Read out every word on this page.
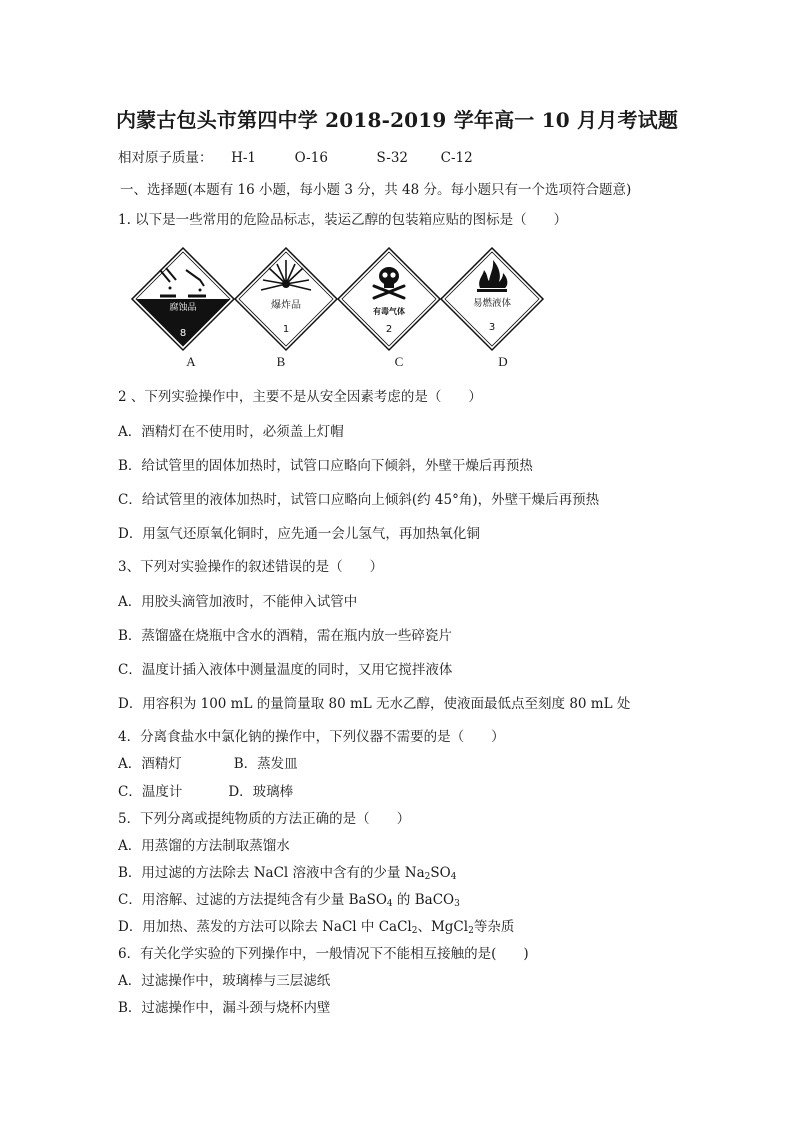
内蒙古包头市第四中学 2018-2019 学年高一 10 月月考试题
相对原子质量： H-1	O-16	S-32 C-12
一、选择题(本题有 16 小题，每小题 3 分，共 48 分。每小题只有一个选项符合题意)
1. 以下是一些常用的危险品标志，装运乙醇的包装箱应贴的图标是（　　）
腐蚀品
8
爆炸品
1
有毒气体
2
易燃液体
3
A	B	C	D
2 、下列实验操作中，主要不是从安全因素考虑的是（　　）
A．酒精灯在不使用时，必须盖上灯帽
B．给试管里的固体加热时，试管口应略向下倾斜，外壁干燥后再预热
C．给试管里的液体加热时，试管口应略向上倾斜(约 45°角)，外壁干燥后再预热
D．用氢气还原氧化铜时，应先通一会儿氢气，再加热氧化铜
3、下列对实验操作的叙述错误的是（　　）
A．用胶头滴管加液时，不能伸入试管中
B．蒸馏盛在烧瓶中含水的酒精，需在瓶内放一些碎瓷片
C．温度计插入液体中测量温度的同时，又用它搅拌液体
D．用容积为 100 mL 的量筒量取 80 mL 无水乙醇，使液面最低点至刻度 80 mL 处
4．分离食盐水中氯化钠的操作中，下列仪器不需要的是（　　）
A．酒精灯	B．蒸发皿
C．温度计	D．玻璃棒
5．下列分离或提纯物质的方法正确的是（　　）
A．用蒸馏的方法制取蒸馏水
B．用过滤的方法除去 NaCl 溶液中含有的少量 $Na_2SO_4$
C．用溶解、过滤的方法提纯含有少量 BaSO$_4$ 的 BaCO$_3$
D．用加热、蒸发的方法可以除去 NaCl 中 CaCl$_2$、MgCl$_2$等杂质
6．有关化学实验的下列操作中，一般情况下不能相互接触的是(　　)
A．过滤操作中，玻璃棒与三层滤纸
B．过滤操作中，漏斗颈与烧杯内壁
